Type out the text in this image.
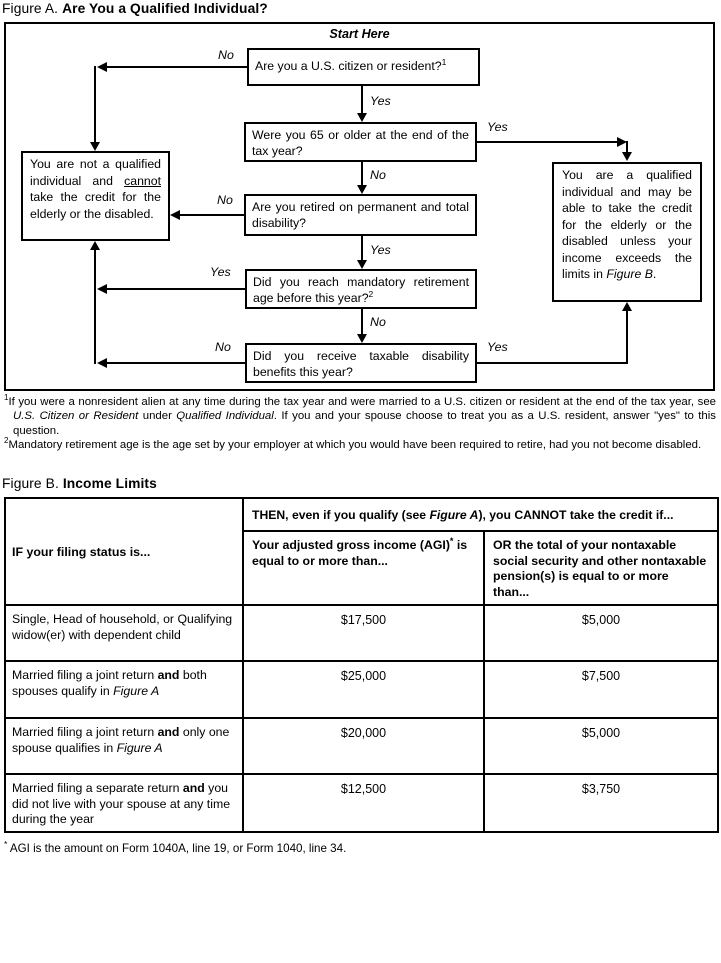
Figure A. Are You a Qualified Individual?
Start Here
Are you a U.S. citizen or resident?$^1$
Were you 65 or older at the end of the tax year?
Are you retired on permanent and total disability?
Did you reach mandatory retirement age before this year?$^2$
Did you receive taxable disability benefits this year?
You are not a qualified individual and cannot take the credit for the elderly or the disabled.
You are a qualified individual and may be able to take the credit for the elderly or the disabled unless your income exceeds the limits in Figure B.
No
Yes
Yes
No
No
Yes
Yes
No
No	Yes

$^1$If you were a nonresident alien at any time during the tax year and were married to a U.S. citizen or resident at the end of the tax year, see U.S. Citizen or Resident under Qualified Individual. If you and your spouse choose to treat you as a U.S. resident, answer "yes" to this question.

$^2$Mandatory retirement age is the age set by your employer at which you would have been required to retire, had you not become disabled.

Figure B. Income Limits
IF your filing status is...	THEN, even if you qualify (see Figure A), you CANNOT take the credit if...	
	Your adjusted gross income (AGI)* is equal to or more than...	OR the total of your nontaxable social security and other nontaxable pension(s) is equal to or more than...
Single, Head of household, or Qualifying widow(er) with dependent child	$17,500	$5,000
Married filing a joint return and both spouses qualify in Figure A	$25,000	$7,500
Married filing a joint return and only one spouse qualifies in Figure A	$20,000	$5,000
Married filing a separate return and you did not live with your spouse at any time during the year	$12,500	$3,750
* AGI is the amount on Form 1040A, line 19, or Form 1040, line 34.
